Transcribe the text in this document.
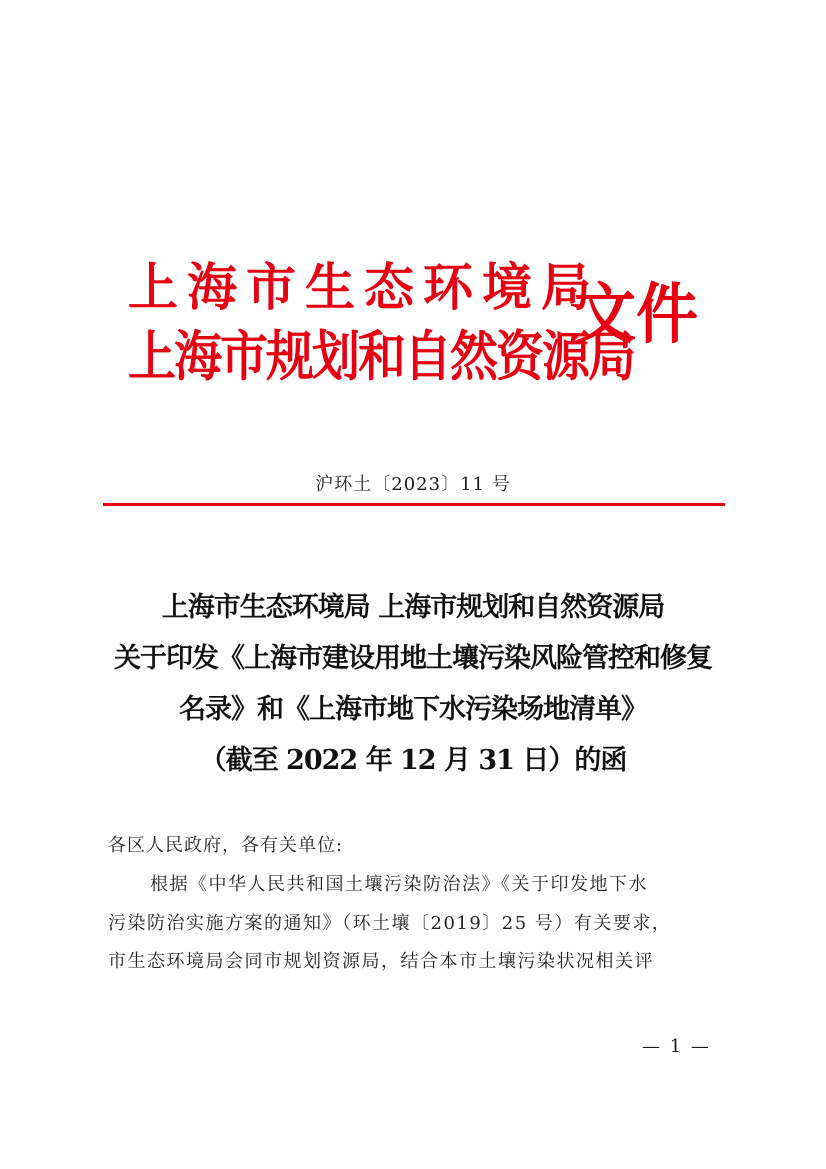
上海市生态环境局
上海市规划和自然资源局
文件
沪环土〔2023〕11 号
上海市生态环境局 上海市规划和自然资源局
关于印发《上海市建设用地土壤污染风险管控和修复
名录》和《上海市地下水污染场地清单》
（截至 2022 年 12 月 31 日）的函
各区人民政府，各有关单位:
根据《中华人民共和国土壤污染防治法》《关于印发地下水
污染防治实施方案的通知》（环土壤〔2019〕25 号）有关要求，
市生态环境局会同市规划资源局，结合本市土壤污染状况相关评
— 1 —
